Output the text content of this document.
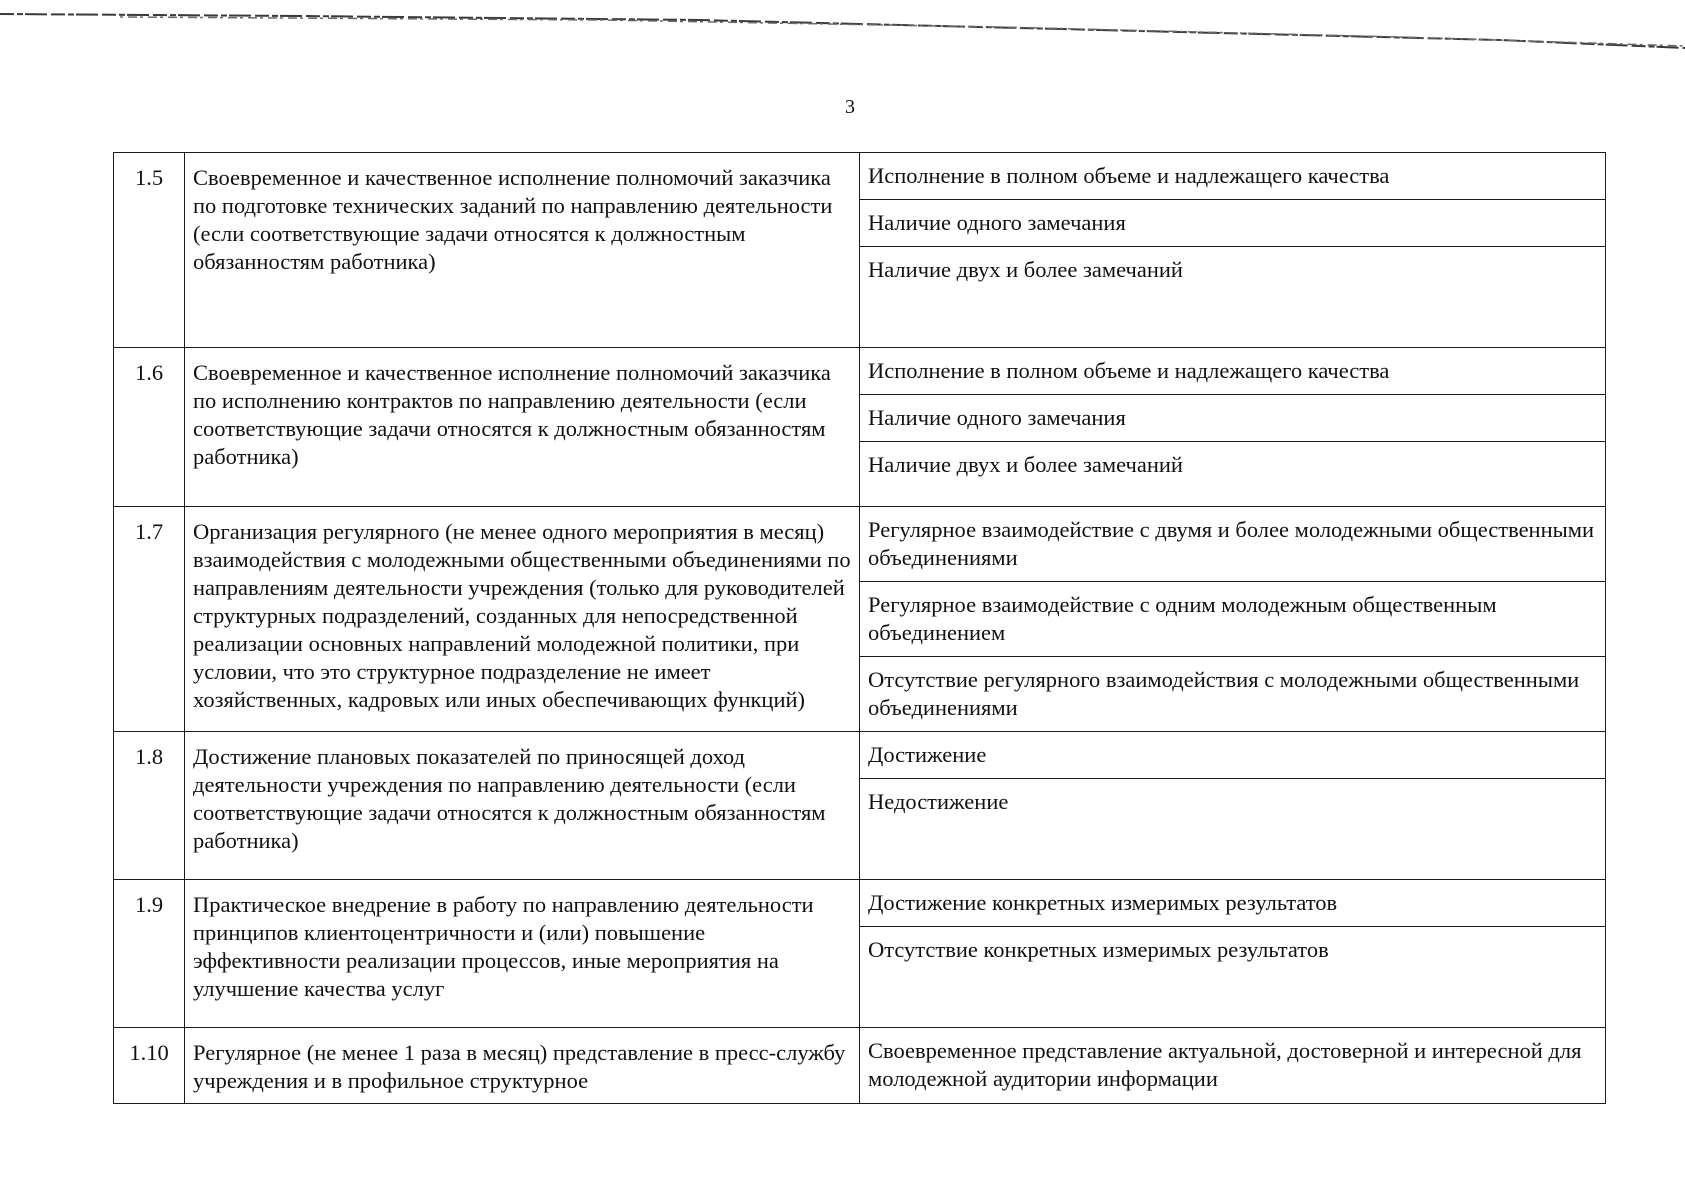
3
1.5	Своевременное и качественное исполнение полномочий заказчика по подготовке технических заданий по направлению деятельности (если соответствующие задачи относятся к должностным обязанностям работника)	Исполнение в полном объеме и надлежащего качества
		Наличие одного замечания
		Наличие двух и более замечаний
1.6	Своевременное и качественное исполнение полномочий заказчика по исполнению контрактов по направлению деятельности (если соответствующие задачи относятся к должностным обязанностям работника)	Исполнение в полном объеме и надлежащего качества
		Наличие одного замечания
		Наличие двух и более замечаний
1.7	Организация регулярного (не менее одного мероприятия в месяц) взаимодействия с молодежными общественными объединениями по направлениям деятельности учреждения (только для руководителей структурных подразделений, созданных для непосредственной реализации основных направлений молодежной политики, при условии, что это структурное подразделение не имеет хозяйственных, кадровых или иных обеспечивающих функций)	Регулярное взаимодействие с двумя и более молодежными общественными объединениями
		Регулярное взаимодействие с одним молодежным общественным объединением
		Отсутствие регулярного взаимодействия с молодежными общественными объединениями
1.8	Достижение плановых показателей по приносящей доход деятельности учреждения по направлению деятельности (если соответствующие задачи относятся к должностным обязанностям работника)	Достижение
		Недостижение
1.9	Практическое внедрение в работу по направлению деятельности принципов клиентоцентричности и (или) повышение эффективности реализации процессов, иные мероприятия на улучшение качества услуг	Достижение конкретных измеримых результатов
		Отсутствие конкретных измеримых результатов
1.10	Регулярное (не менее 1 раза в месяц) представление в пресс-службу учреждения и в профильное структурное	Своевременное представление актуальной, достоверной и интересной для молодежной аудитории информации
